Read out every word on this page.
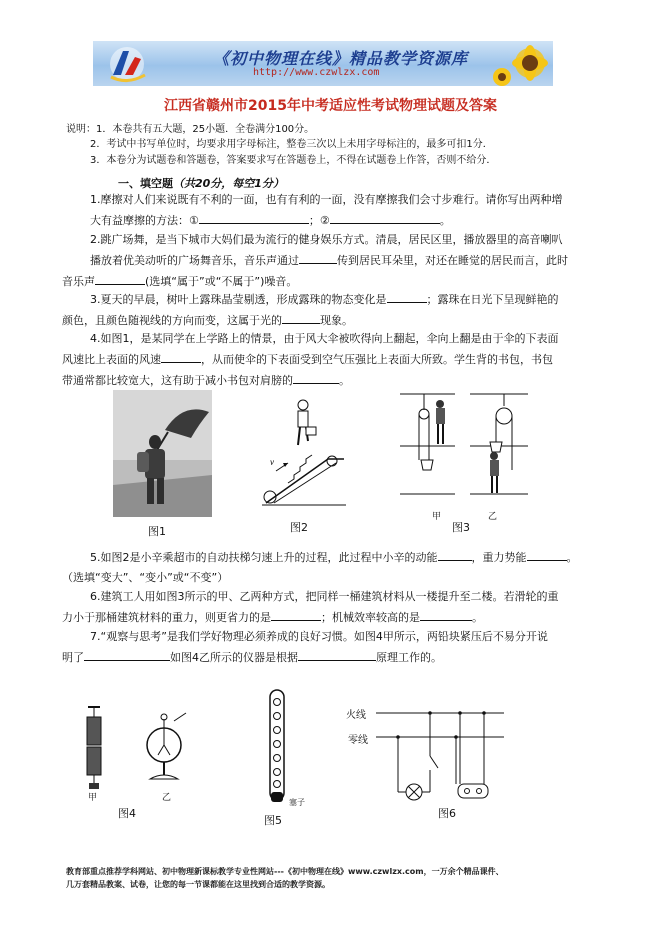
《初中物理在线》精品教学资源库
http://www.czwlzx.com
江西省赣州市2015年中考适应性考试物理试题及答案
说明：1．本卷共有五大题，25小题．全卷满分100分。
2．考试中书写单位时，均要求用字母标注，整卷三次以上未用字母标注的，最多可扣1分．
3．本卷分为试题卷和答题卷，答案要求写在答题卷上，不得在试题卷上作答，否则不给分．
一、填空题（共20分，每空1分）

1.摩擦对人们来说既有不利的一面，也有有利的一面，没有摩擦我们会寸步难行。请你写出两种增

大有益摩擦的方法：①	；②	。

2.跳广场舞，是当下城市大妈们最为流行的健身娱乐方式。清晨，居民区里，播放器里的高音喇叭

播放着优美动听的广场舞音乐，音乐声通过	传到居民耳朵里，对还在睡觉的居民而言，此时

音乐声	(选填“属于”或“不属于”)噪音。

3.夏天的早晨，树叶上露珠晶莹剔透，形成露珠的物态变化是	；露珠在日光下呈现鲜艳的

颜色，且颜色随视线的方向而变，这属于光的	现象。

4.如图1，是某同学在上学路上的情景，由于风大伞被吹得向上翻起，伞向上翻是由于伞的下表面

风速比上表面的风速	，从而使伞的下表面受到空气压强比上表面大所致。学生背的书包，书包

带通常都比较宽大，这有助于减小书包对肩膀的	。

图1
v
图2
甲	乙
图3

5.如图2是小辛乘超市的自动扶梯匀速上升的过程，此过程中小辛的动能	，重力势能	。

（选填“变大”、“变小”或“不变”）

6.建筑工人用如图3所示的甲、乙两种方式，把同样一桶建筑材料从一楼提升至二楼。若滑轮的重

力小于那桶建筑材料的重力，则更省力的是	；机械效率较高的是	。

7.“观察与思考”是我们学好物理必须养成的良好习惯。如图4甲所示，两铅块紧压后不易分开说

明了	如图4乙所示的仪器是根据	原理工作的。

甲	乙
图4
塞子
图5
火线
零线
图6
教育部重点推荐学科网站、初中物理新课标教学专业性网站---《初中物理在线》www.czwlzx.com，一万余个精品课件、
几万套精品教案、试卷，让您的每一节课都能在这里找到合适的教学资源。
